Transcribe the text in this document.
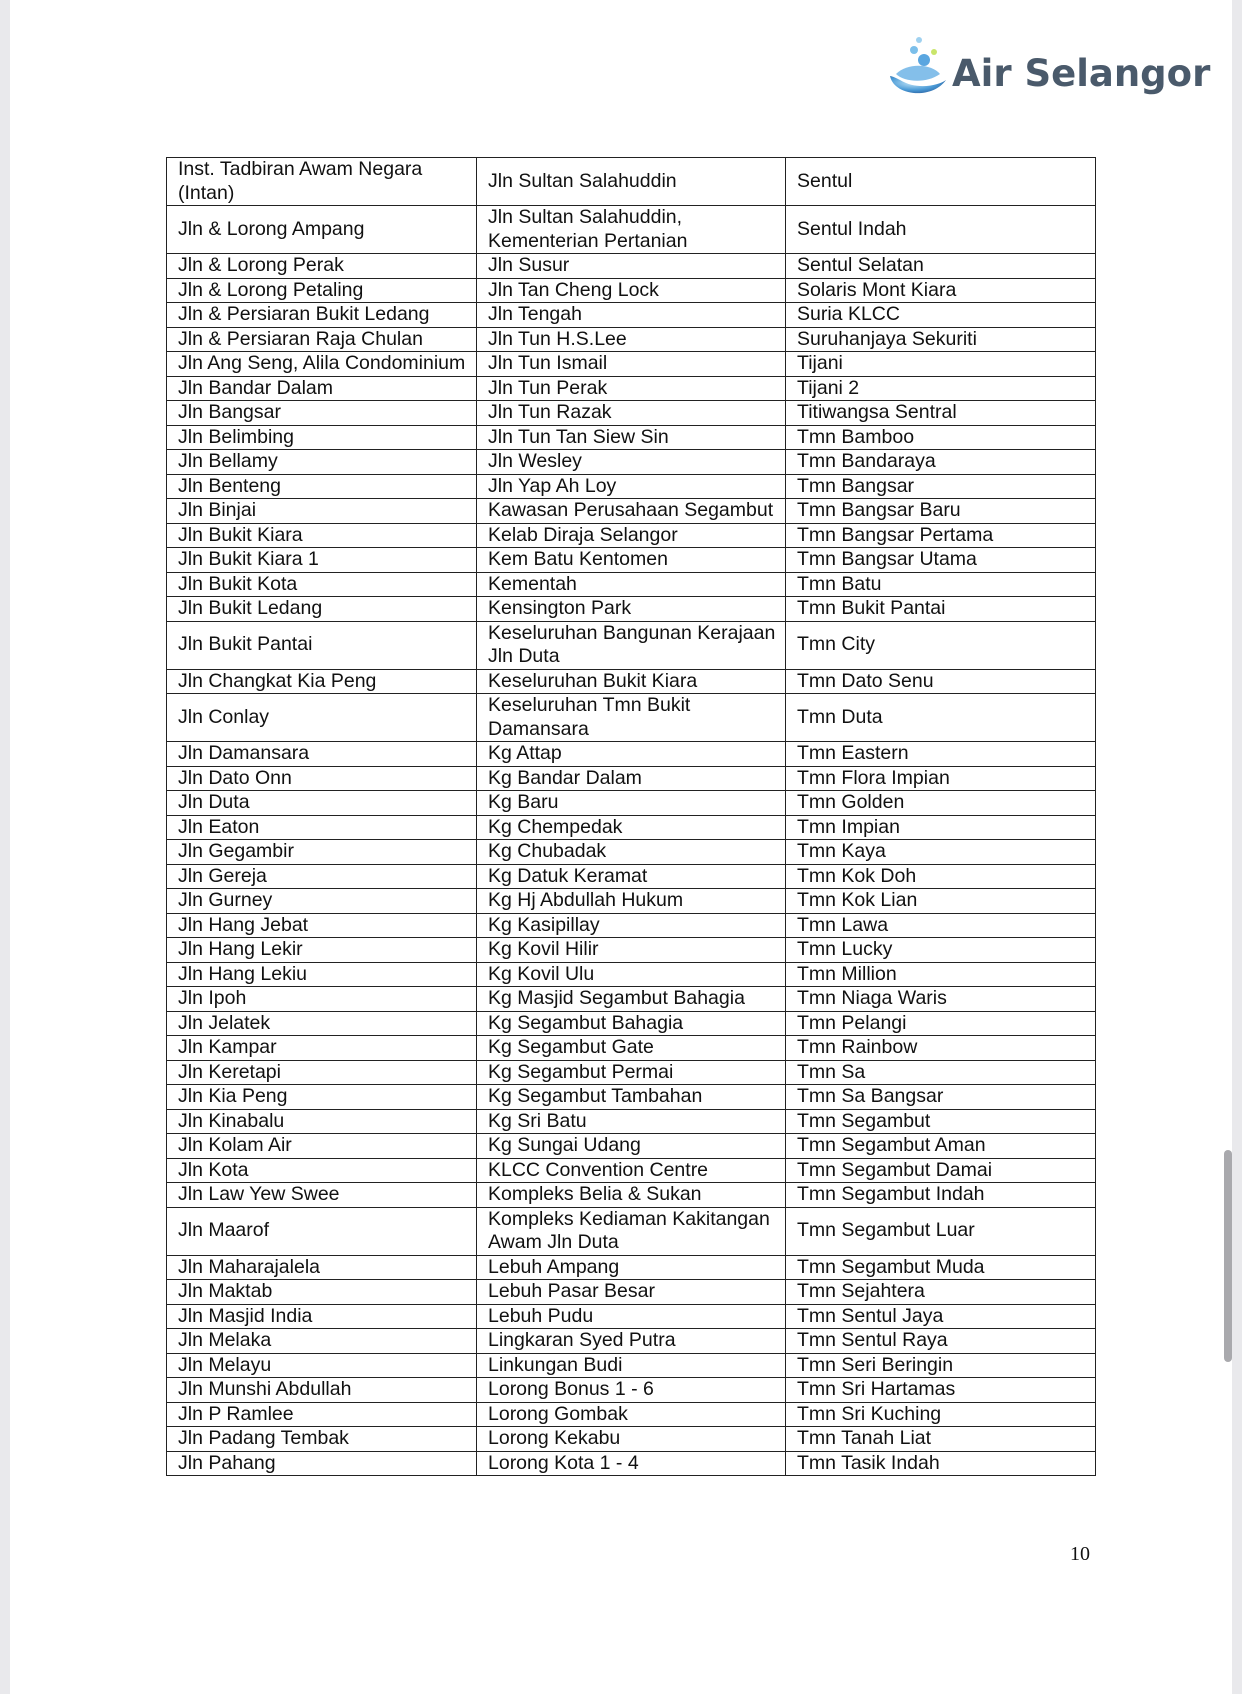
Air Selangor
Inst. Tadbiran Awam Negara (Intan)	Jln Sultan Salahuddin	Sentul
Jln & Lorong Ampang	Jln Sultan Salahuddin, Kementerian Pertanian	Sentul Indah
Jln & Lorong Perak	Jln Susur	Sentul Selatan
Jln & Lorong Petaling	Jln Tan Cheng Lock	Solaris Mont Kiara
Jln & Persiaran Bukit Ledang	Jln Tengah	Suria KLCC
Jln & Persiaran Raja Chulan	Jln Tun H.S.Lee	Suruhanjaya Sekuriti
Jln Ang Seng, Alila Condominium	Jln Tun Ismail	Tijani
Jln Bandar Dalam	Jln Tun Perak	Tijani 2
Jln Bangsar	Jln Tun Razak	Titiwangsa Sentral
Jln Belimbing	Jln Tun Tan Siew Sin	Tmn Bamboo
Jln Bellamy	Jln Wesley	Tmn Bandaraya
Jln Benteng	Jln Yap Ah Loy	Tmn Bangsar
Jln Binjai	Kawasan Perusahaan Segambut	Tmn Bangsar Baru
Jln Bukit Kiara	Kelab Diraja Selangor	Tmn Bangsar Pertama
Jln Bukit Kiara 1	Kem Batu Kentomen	Tmn Bangsar Utama
Jln Bukit Kota	Kementah	Tmn Batu
Jln Bukit Ledang	Kensington Park	Tmn Bukit Pantai
Jln Bukit Pantai	Keseluruhan Bangunan Kerajaan Jln Duta	Tmn City
Jln Changkat Kia Peng	Keseluruhan Bukit Kiara	Tmn Dato Senu
Jln Conlay	Keseluruhan Tmn Bukit Damansara	Tmn Duta
Jln Damansara	Kg Attap	Tmn Eastern
Jln Dato Onn	Kg Bandar Dalam	Tmn Flora Impian
Jln Duta	Kg Baru	Tmn Golden
Jln Eaton	Kg Chempedak	Tmn Impian
Jln Gegambir	Kg Chubadak	Tmn Kaya
Jln Gereja	Kg Datuk Keramat	Tmn Kok Doh
Jln Gurney	Kg Hj Abdullah Hukum	Tmn Kok Lian
Jln Hang Jebat	Kg Kasipillay	Tmn Lawa
Jln Hang Lekir	Kg Kovil Hilir	Tmn Lucky
Jln Hang Lekiu	Kg Kovil Ulu	Tmn Million
Jln Ipoh	Kg Masjid Segambut Bahagia	Tmn Niaga Waris
Jln Jelatek	Kg Segambut Bahagia	Tmn Pelangi
Jln Kampar	Kg Segambut Gate	Tmn Rainbow
Jln Keretapi	Kg Segambut Permai	Tmn Sa
Jln Kia Peng	Kg Segambut Tambahan	Tmn Sa Bangsar
Jln Kinabalu	Kg Sri Batu	Tmn Segambut
Jln Kolam Air	Kg Sungai Udang	Tmn Segambut Aman
Jln Kota	KLCC Convention Centre	Tmn Segambut Damai
Jln Law Yew Swee	Kompleks Belia & Sukan	Tmn Segambut Indah
Jln Maarof	Kompleks Kediaman Kakitangan Awam Jln Duta	Tmn Segambut Luar
Jln Maharajalela	Lebuh Ampang	Tmn Segambut Muda
Jln Maktab	Lebuh Pasar Besar	Tmn Sejahtera
Jln Masjid India	Lebuh Pudu	Tmn Sentul Jaya
Jln Melaka	Lingkaran Syed Putra	Tmn Sentul Raya
Jln Melayu	Linkungan Budi	Tmn Seri Beringin
Jln Munshi Abdullah	Lorong Bonus 1 - 6	Tmn Sri Hartamas
Jln P Ramlee	Lorong Gombak	Tmn Sri Kuching
Jln Padang Tembak	Lorong Kekabu	Tmn Tanah Liat
Jln Pahang	Lorong Kota 1 - 4	Tmn Tasik Indah
10
